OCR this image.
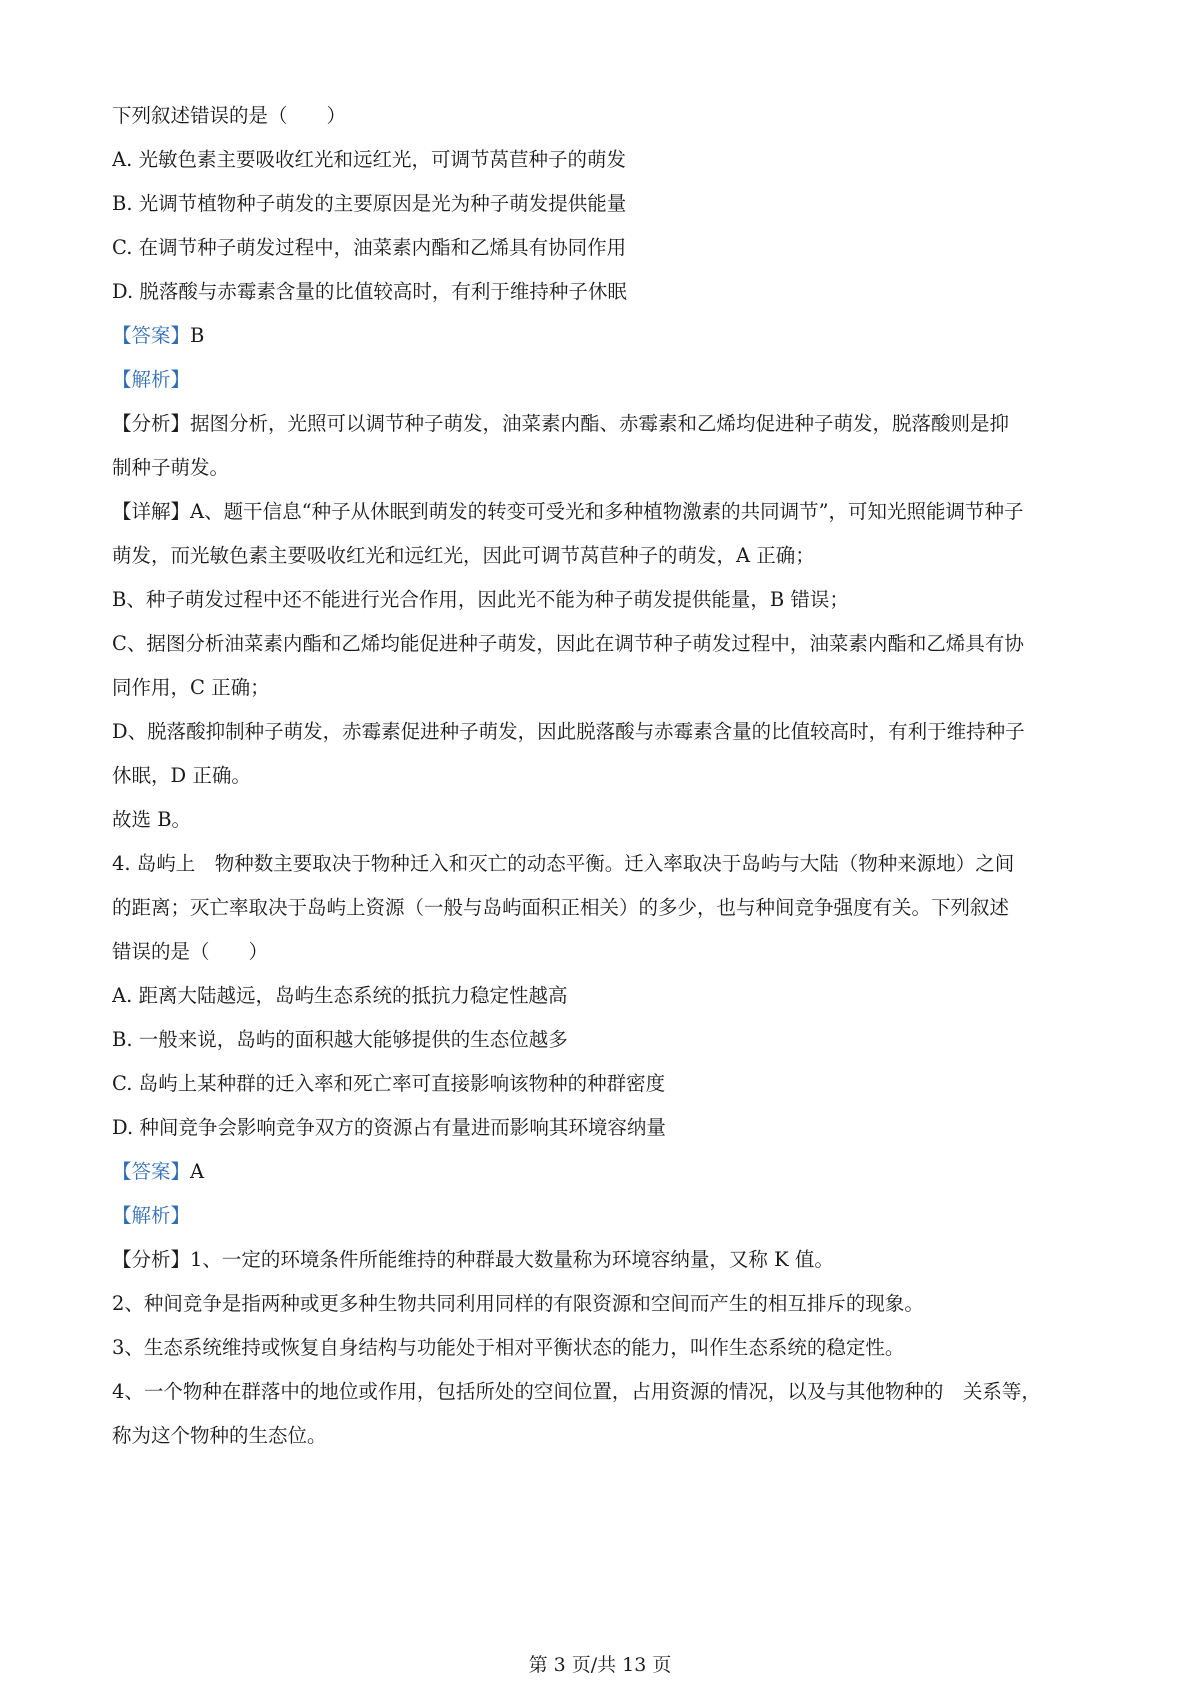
下列叙述错误的是（　　）
A. 光敏色素主要吸收红光和远红光，可调节莴苣种子的萌发
B. 光调节植物种子萌发的主要原因是光为种子萌发提供能量
C. 在调节种子萌发过程中，油菜素内酯和乙烯具有协同作用
D. 脱落酸与赤霉素含量的比值较高时，有利于维持种子休眠
【答案】B
【解析】
【分析】据图分析，光照可以调节种子萌发，油菜素内酯、赤霉素和乙烯均促进种子萌发，脱落酸则是抑
制种子萌发。
【详解】A、题干信息“种子从休眠到萌发的转变可受光和多种植物激素的共同调节”，可知光照能调节种子
萌发，而光敏色素主要吸收红光和远红光，因此可调节莴苣种子的萌发，A 正确；
B、种子萌发过程中还不能进行光合作用，因此光不能为种子萌发提供能量，B 错误；
C、据图分析油菜素内酯和乙烯均能促进种子萌发，因此在调节种子萌发过程中，油菜素内酯和乙烯具有协
同作用，C 正确；
D、脱落酸抑制种子萌发，赤霉素促进种子萌发，因此脱落酸与赤霉素含量的比值较高时，有利于维持种子
休眠，D 正确。
故选 B。
4. 岛屿上　物种数主要取决于物种迁入和灭亡的动态平衡。迁入率取决于岛屿与大陆（物种来源地）之间
的距离；灭亡率取决于岛屿上资源（一般与岛屿面积正相关）的多少，也与种间竞争强度有关。下列叙述
错误的是（　　）
A. 距离大陆越远，岛屿生态系统的抵抗力稳定性越高
B. 一般来说，岛屿的面积越大能够提供的生态位越多
C. 岛屿上某种群的迁入率和死亡率可直接影响该物种的种群密度
D. 种间竞争会影响竞争双方的资源占有量进而影响其环境容纳量
【答案】A
【解析】
【分析】1、一定的环境条件所能维持的种群最大数量称为环境容纳量，又称 K 值。
2、种间竞争是指两种或更多种生物共同利用同样的有限资源和空间而产生的相互排斥的现象。
3、生态系统维持或恢复自身结构与功能处于相对平衡状态的能力，叫作生态系统的稳定性。
4、一个物种在群落中的地位或作用，包括所处的空间位置，占用资源的情况，以及与其他物种的　关系等，
称为这个物种的生态位。
第 3 页/共 13 页
